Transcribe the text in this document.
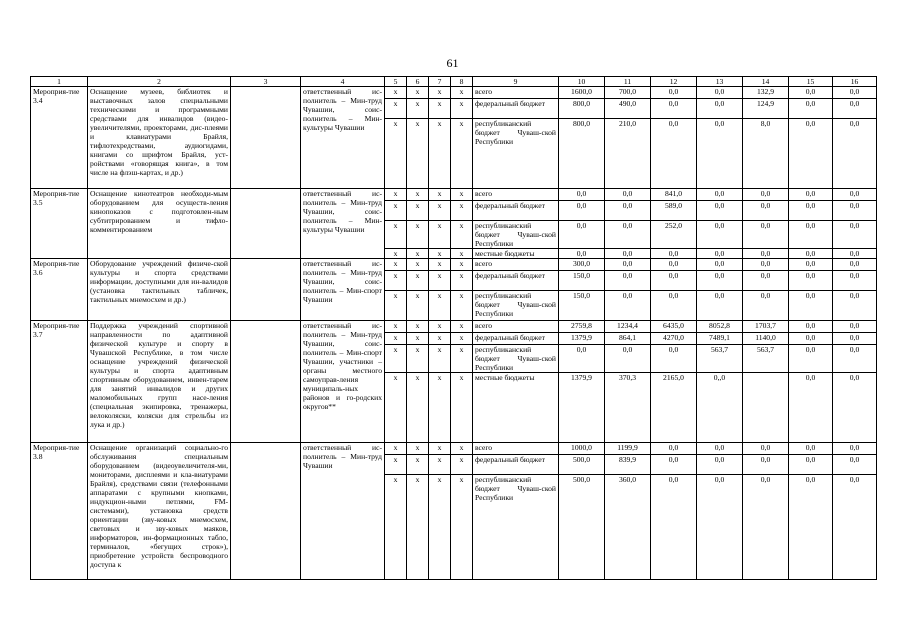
61
1	2	3	4	5	6	7	8	9	10	11	12	13	14	15	16
Мероприя-тие 3.4	Оснащение музеев, библиотек и выставочных залов специальными техническими и программными средствами для инвалидов (видео-увеличителями, проекторами, дис-плеями и клавиатурами Брайля, тифлотехредствами, аудиогидами, книгами со шрифтом Брайля, уст-ройствами «говорящая книга», в том числе на флэш-картах, и др.)		ответственный ис-полнитель – Мин-труд Чувашии, соис-полнитель – Мин-культуры Чувашии	x	x	x	x	всего	1600,0	700,0	0,0	0,0	132,9	0,0	0,0
				x	x	x	x	федеральный бюджет	800,0	490,0	0,0	0,0	124,9	0,0	0,0
				x	x	x	x	республиканский бюджет Чуваш-ской Республики	800,0	210,0	0,0	0,0	8,0	0,0	0,0
Мероприя-тие 3.5	Оснащение кинотеатров необходи-мым оборудованием для осуществ-ления кинопоказов с подготовлен-ным субтитрированием и тифло-комментированием		ответственный ис-полнитель – Мин-труд Чувашии, соис-полнитель – Мин-культуры Чувашии	x	x	x	x	всего	0,0	0,0	841,0	0,0	0,0	0,0	0,0
				x	x	x	x	федеральный бюджет	0,0	0,0	589,0	0,0	0,0	0,0	0,0
				x	x	x	x	республиканский бюджет Чуваш-ской Республики	0,0	0,0	252,0	0,0	0,0	0,0	0,0
				x	x	x	x	местные бюджеты	0,0	0,0	0,0	0,0	0,0	0,0	0,0
Мероприя-тие 3.6	Оборудование учреждений физиче-ской культуры и спорта средствами информации, доступными для ин-валидов (установка тактильных табличек, тактильных мнемосхем и др.)		ответственный ис-полнитель – Мин-труд Чувашии, соис-полнитель – Мин-спорт Чувашии	x	x	x	x	всего	300,0	0,0	0,0	0,0	0,0	0,0	0,0
				x	x	x	x	федеральный бюджет	150,0	0,0	0,0	0,0	0,0	0,0	0,0
				x	x	x	x	республиканский бюджет Чуваш-ской Республики	150,0	0,0	0,0	0,0	0,0	0,0	0,0
Мероприя-тие 3.7	Поддержка учреждений спортивной направленности по адаптивной физической культуре и спорту в Чувашской Республике, в том числе оснащение учреждений физической культуры и спорта адаптивным спортивным оборудованием, инвен-тарем для занятий инвалидов и других маломобильных групп насе-ления (специальная экипировка, тренажеры, велоколяски, коляски для стрельбы из лука и др.)		ответственный ис-полнитель – Мин-труд Чувашии, соис-полнитель – Мин-спорт Чувашии, участники – органы местного самоуправ-ления муниципаль-ных районов и го-родских округов**	x	x	x	x	всего	2759,8	1234,4	6435,0	8052,8	1703,7	0,0	0,0
				x	x	x	x	федеральный бюджет	1379,9	864,1	4270,0	7489,1	1140,0	0,0	0,0
				x	x	x	x	республиканский бюджет Чуваш-ской Республики	0,0	0,0	0,0	563,7	563,7	0,0	0,0
				x	x	x	x	местные бюджеты	1379,9	370,3	2165,0	0,,0		0,0	0,0
Мероприя-тие 3.8	Оснащение организаций социально-го обслуживания специальным оборудованием (видеоувеличителя-ми, мониторами, дисплеями и кла-виатурами Брайля), средствами связи (телефонными аппаратами с крупными кнопками, индукцион-ными петлями, FM-системами), установка средств ориентации (зву-ковых мнемосхем, световых и зву-ковых маяков, информаторов, ин-формационных табло, терминалов, «бегущих строк»), приобретение устройств беспроводного доступа к		ответственный ис-полнитель – Мин-труд Чувашии	x	x	x	x	всего	1000,0	1199,9	0,0	0,0	0,0	0,0	0,0
				x	x	x	x	федеральный бюджет	500,0	839,9	0,0	0,0	0,0	0,0	0,0
				x	x	x	x	республиканский бюджет Чуваш-ской Республики	500,0	360,0	0,0	0,0	0,0	0,0	0,0
